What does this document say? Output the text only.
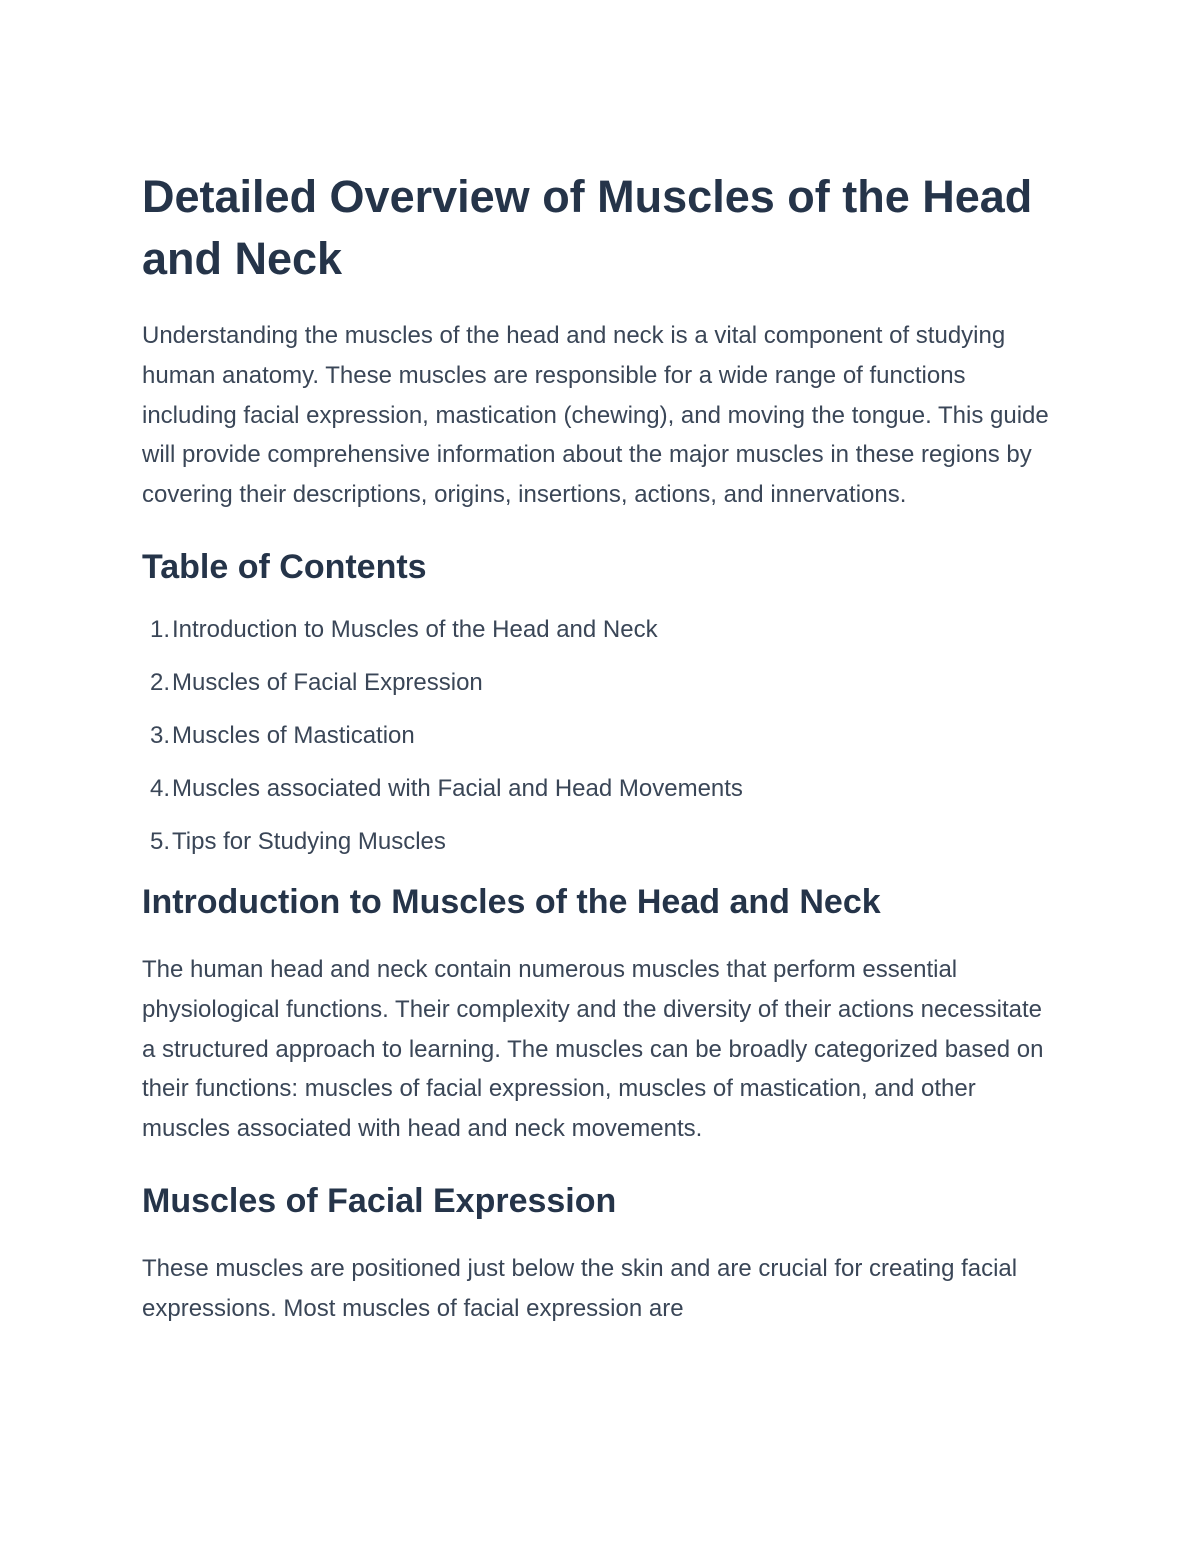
Detailed Overview of Muscles of the Head and Neck

Understanding the muscles of the head and neck is a vital component of studying human anatomy. These muscles are responsible for a wide range of functions including facial expression, mastication (chewing), and moving the tongue. This guide will provide comprehensive information about the major muscles in these regions by covering their descriptions, origins, insertions, actions, and innervations.

Table of Contents
1. Introduction to Muscles of the Head and Neck
2. Muscles of Facial Expression
3. Muscles of Mastication
4. Muscles associated with Facial and Head Movements
5. Tips for Studying Muscles
Introduction to Muscles of the Head and Neck

The human head and neck contain numerous muscles that perform essential physiological functions. Their complexity and the diversity of their actions necessitate a structured approach to learning. The muscles can be broadly categorized based on their functions: muscles of facial expression, muscles of mastication, and other muscles associated with head and neck movements.

Muscles of Facial Expression

These muscles are positioned just below the skin and are crucial for creating facial expressions. Most muscles of facial expression are
